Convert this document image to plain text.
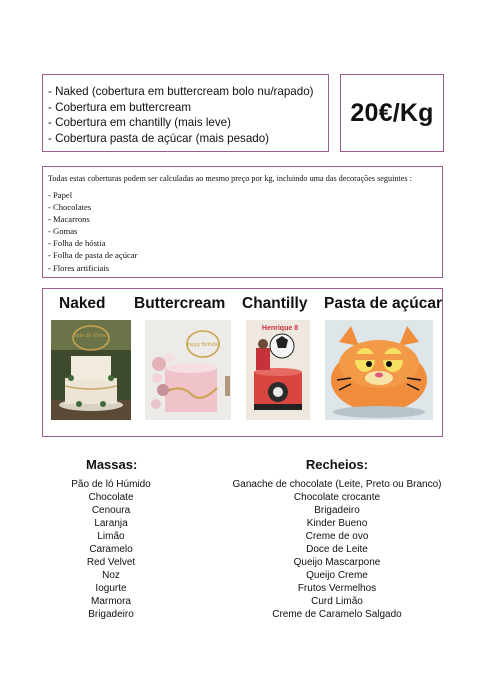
- Naked (cobertura em buttercream bolo nu/rapado)
- Cobertura em buttercream
- Cobertura em chantilly (mais leve)
- Cobertura pasta de açúcar (mais pesado)
20€/Kg
Todas estas coberturas podem ser calculadas ao mesmo preço por kg, incluindo uma das decorações seguintes :
- Papel
- Chocolates
- Macarrons
- Gomas
- Folha de hóstia
- Folha de pasta de açúcar
- Flores artificiais
Naked Buttercream Chantilly Pasta de açúcar
Bolo de Noivos
Happy Birthday
Henrique 8
Massas:
Pão de ló Húmido
Chocolate
Cenoura
Laranja
Limão
Caramelo
Red Velvet
Noz
Iogurte
Marmora
Brigadeiro
Recheios:
Ganache de chocolate (Leite, Preto ou Branco)
Chocolate crocante
Brigadeiro
Kinder Bueno
Creme de ovo
Doce de Leite
Queijo Mascarpone
Queijo Creme
Frutos Vermelhos
Curd Limão
Creme de Caramelo Salgado
